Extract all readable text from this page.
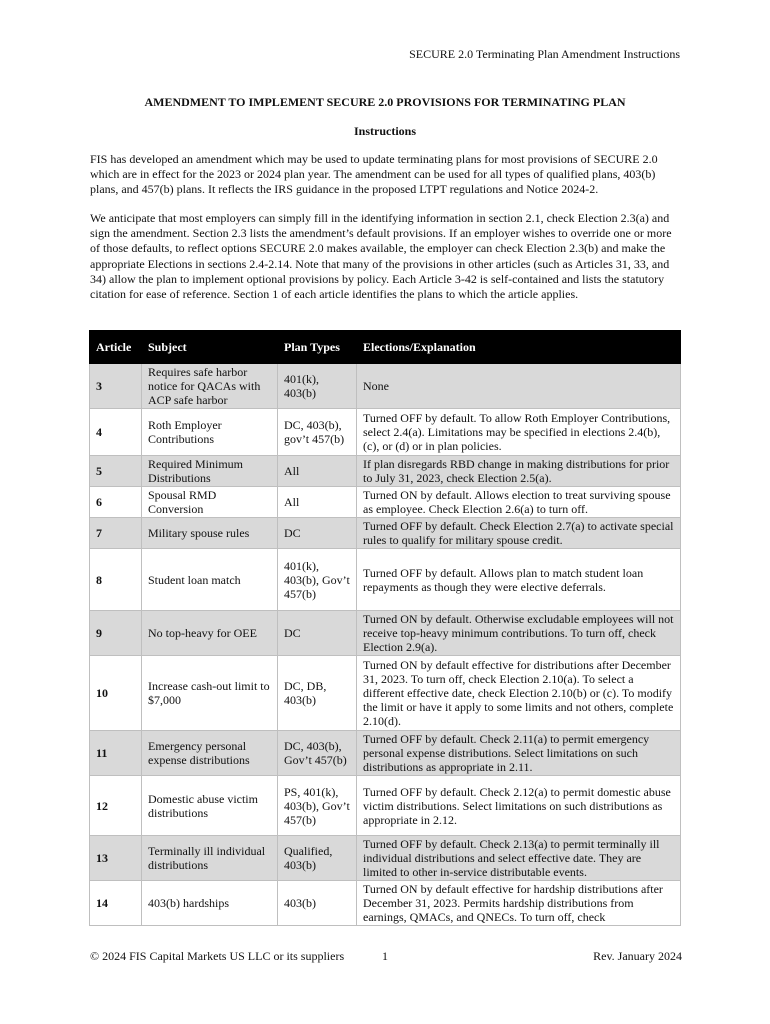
SECURE 2.0 Terminating Plan Amendment Instructions
AMENDMENT TO IMPLEMENT SECURE 2.0 PROVISIONS FOR TERMINATING PLAN
Instructions
FIS has developed an amendment which may be used to update terminating plans for most provisions of SECURE 2.0 which are in effect for the 2023 or 2024 plan year. The amendment can be used for all types of qualified plans, 403(b) plans, and 457(b) plans. It reflects the IRS guidance in the proposed LTPT regulations and Notice 2024-2.
We anticipate that most employers can simply fill in the identifying information in section 2.1, check Election 2.3(a) and sign the amendment. Section 2.3 lists the amendment’s default provisions. If an employer wishes to override one or more of those defaults, to reflect options SECURE 2.0 makes available, the employer can check Election 2.3(b) and make the appropriate Elections in sections 2.4-2.14. Note that many of the provisions in other articles (such as Articles 31, 33, and 34) allow the plan to implement optional provisions by policy. Each Article 3-42 is self-contained and lists the statutory citation for ease of reference. Section 1 of each article identifies the plans to which the article applies.
Article	Subject	Plan Types	Elections/Explanation
3	Requires safe harbor notice for QACAs with ACP safe harbor	401(k), 403(b)	None
4	Roth Employer Contributions	DC, 403(b), gov’t 457(b)	Turned OFF by default. To allow Roth Employer Contributions, select 2.4(a). Limitations may be specified in elections 2.4(b), (c), or (d) or in plan policies.
5	Required Minimum Distributions	All	If plan disregards RBD change in making distributions for prior to July 31, 2023, check Election 2.5(a).
6	Spousal RMD Conversion	All	Turned ON by default. Allows election to treat surviving spouse as employee. Check Election 2.6(a) to turn off.
7	Military spouse rules	DC	Turned OFF by default. Check Election 2.7(a) to activate special rules to qualify for military spouse credit.
8	Student loan match	401(k), 403(b), Gov’t 457(b)	Turned OFF by default. Allows plan to match student loan repayments as though they were elective deferrals.
9	No top-heavy for OEE	DC	Turned ON by default. Otherwise excludable employees will not receive top-heavy minimum contributions. To turn off, check Election 2.9(a).
10	Increase cash-out limit to $7,000	DC, DB, 403(b)	Turned ON by default effective for distributions after December 31, 2023. To turn off, check Election 2.10(a). To select a different effective date, check Election 2.10(b) or (c). To modify the limit or have it apply to some limits and not others, complete 2.10(d).
11	Emergency personal expense distributions	DC, 403(b), Gov’t 457(b)	Turned OFF by default. Check 2.11(a) to permit emergency personal expense distributions. Select limitations on such distributions as appropriate in 2.11.
12	Domestic abuse victim distributions	PS, 401(k), 403(b), Gov’t 457(b)	Turned OFF by default. Check 2.12(a) to permit domestic abuse victim distributions. Select limitations on such distributions as appropriate in 2.12.
13	Terminally ill individual distributions	Qualified, 403(b)	Turned OFF by default. Check 2.13(a) to permit terminally ill individual distributions and select effective date. They are limited to other in-service distributable events.
14	403(b) hardships	403(b)	Turned ON by default effective for hardship distributions after December 31, 2023. Permits hardship distributions from earnings, QMACs, and QNECs. To turn off, check
© 2024 FIS Capital Markets US LLC or its suppliers	1	Rev. January 2024
